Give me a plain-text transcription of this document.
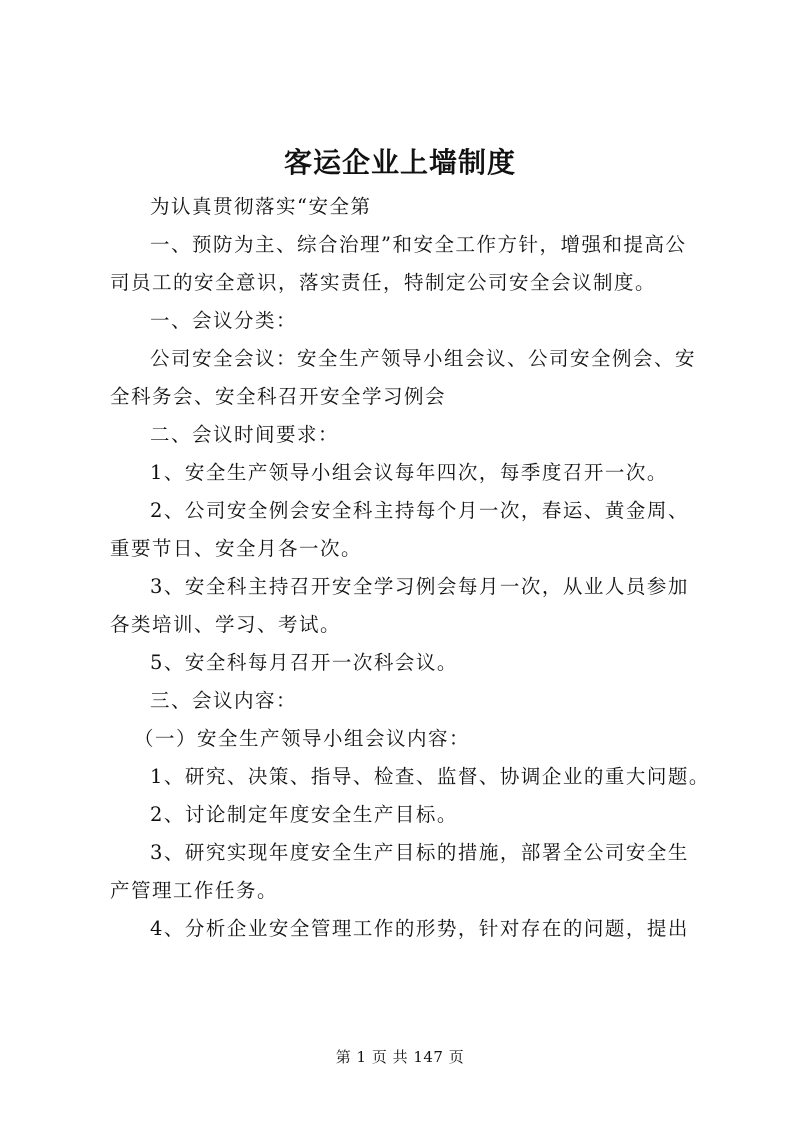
客运企业上墙制度
为认真贯彻落实“安全第
一、预防为主、综合治理”和安全工作方针，增强和提高公
司员工的安全意识，落实责任，特制定公司安全会议制度。
一、会议分类：
公司安全会议：安全生产领导小组会议、公司安全例会、安
全科务会、安全科召开安全学习例会
二、会议时间要求：
1、安全生产领导小组会议每年四次，每季度召开一次。
2、公司安全例会安全科主持每个月一次，春运、黄金周、
重要节日、安全月各一次。
3、安全科主持召开安全学习例会每月一次，从业人员参加
各类培训、学习、考试。
5、安全科每月召开一次科会议。
三、会议内容：
（一）安全生产领导小组会议内容：
1、研究、决策、指导、检查、监督、协调企业的重大问题。
2、讨论制定年度安全生产目标。
3、研究实现年度安全生产目标的措施，部署全公司安全生
产管理工作任务。
4、分析企业安全管理工作的形势，针对存在的问题，提出
第 1 页 共 147 页
